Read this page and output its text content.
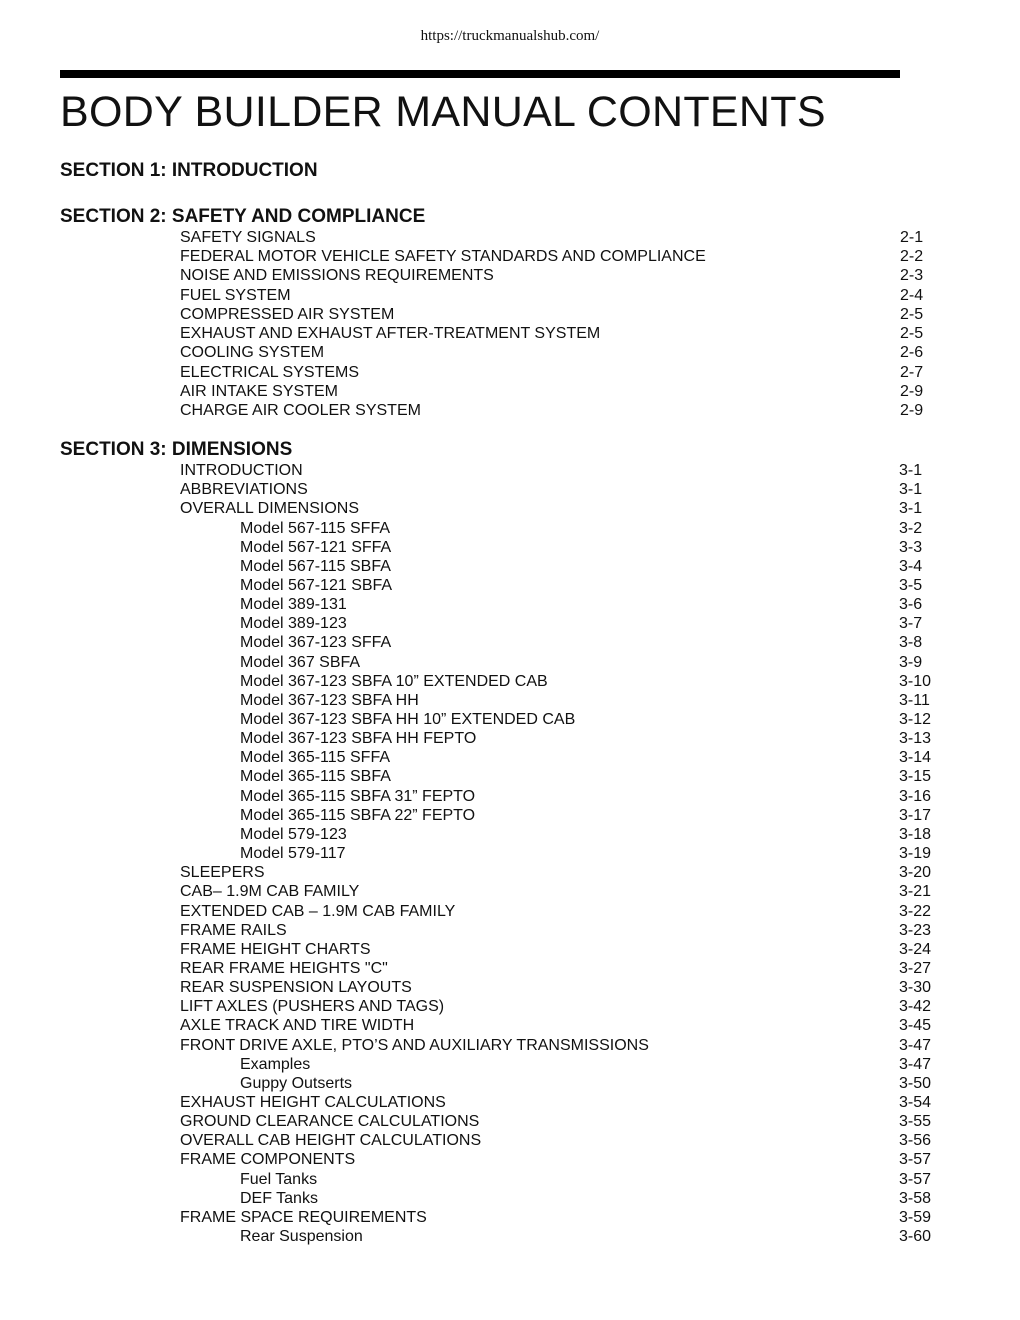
https://truckmanualshub.com/
BODY BUILDER MANUAL CONTENTS
SECTION 1: INTRODUCTION
SECTION 2: SAFETY AND COMPLIANCE
SECTION 3: DIMENSIONS
SAFETY SIGNALS	2-1
FEDERAL MOTOR VEHICLE SAFETY STANDARDS AND COMPLIANCE	2-2
NOISE AND EMISSIONS REQUIREMENTS	2-3
FUEL SYSTEM	2-4
COMPRESSED AIR SYSTEM	2-5
EXHAUST AND EXHAUST AFTER-TREATMENT SYSTEM	2-5
COOLING SYSTEM	2-6
ELECTRICAL SYSTEMS	2-7
AIR INTAKE SYSTEM	2-9
CHARGE AIR COOLER SYSTEM	2-9
INTRODUCTION	3-1
ABBREVIATIONS	3-1
OVERALL DIMENSIONS	3-1
Model 567-115 SFFA	3-2
Model 567-121 SFFA	3-3
Model 567-115 SBFA	3-4
Model 567-121 SBFA	3-5
Model 389-131	3-6
Model 389-123	3-7
Model 367-123 SFFA	3-8
Model 367 SBFA	3-9
Model 367-123 SBFA 10” EXTENDED CAB	3-10
Model 367-123 SBFA HH	3-11
Model 367-123 SBFA HH 10” EXTENDED CAB	3-12
Model 367-123 SBFA HH FEPTO	3-13
Model 365-115 SFFA	3-14
Model 365-115 SBFA	3-15
Model 365-115 SBFA 31” FEPTO	3-16
Model 365-115 SBFA 22” FEPTO	3-17
Model 579-123	3-18
Model 579-117	3-19
SLEEPERS	3-20
CAB– 1.9M CAB FAMILY	3-21
EXTENDED CAB – 1.9M CAB FAMILY	3-22
FRAME RAILS	3-23
FRAME HEIGHT CHARTS	3-24
REAR FRAME HEIGHTS "C"	3-27
REAR SUSPENSION LAYOUTS	3-30
LIFT AXLES (PUSHERS AND TAGS)	3-42
AXLE TRACK AND TIRE WIDTH	3-45
FRONT DRIVE AXLE, PTO’S AND AUXILIARY TRANSMISSIONS	3-47
Examples	3-47
Guppy Outserts	3-50
EXHAUST HEIGHT CALCULATIONS	3-54
GROUND CLEARANCE CALCULATIONS	3-55
OVERALL CAB HEIGHT CALCULATIONS	3-56
FRAME COMPONENTS	3-57
Fuel Tanks	3-57
DEF Tanks	3-58
FRAME SPACE REQUIREMENTS	3-59
Rear Suspension	3-60
